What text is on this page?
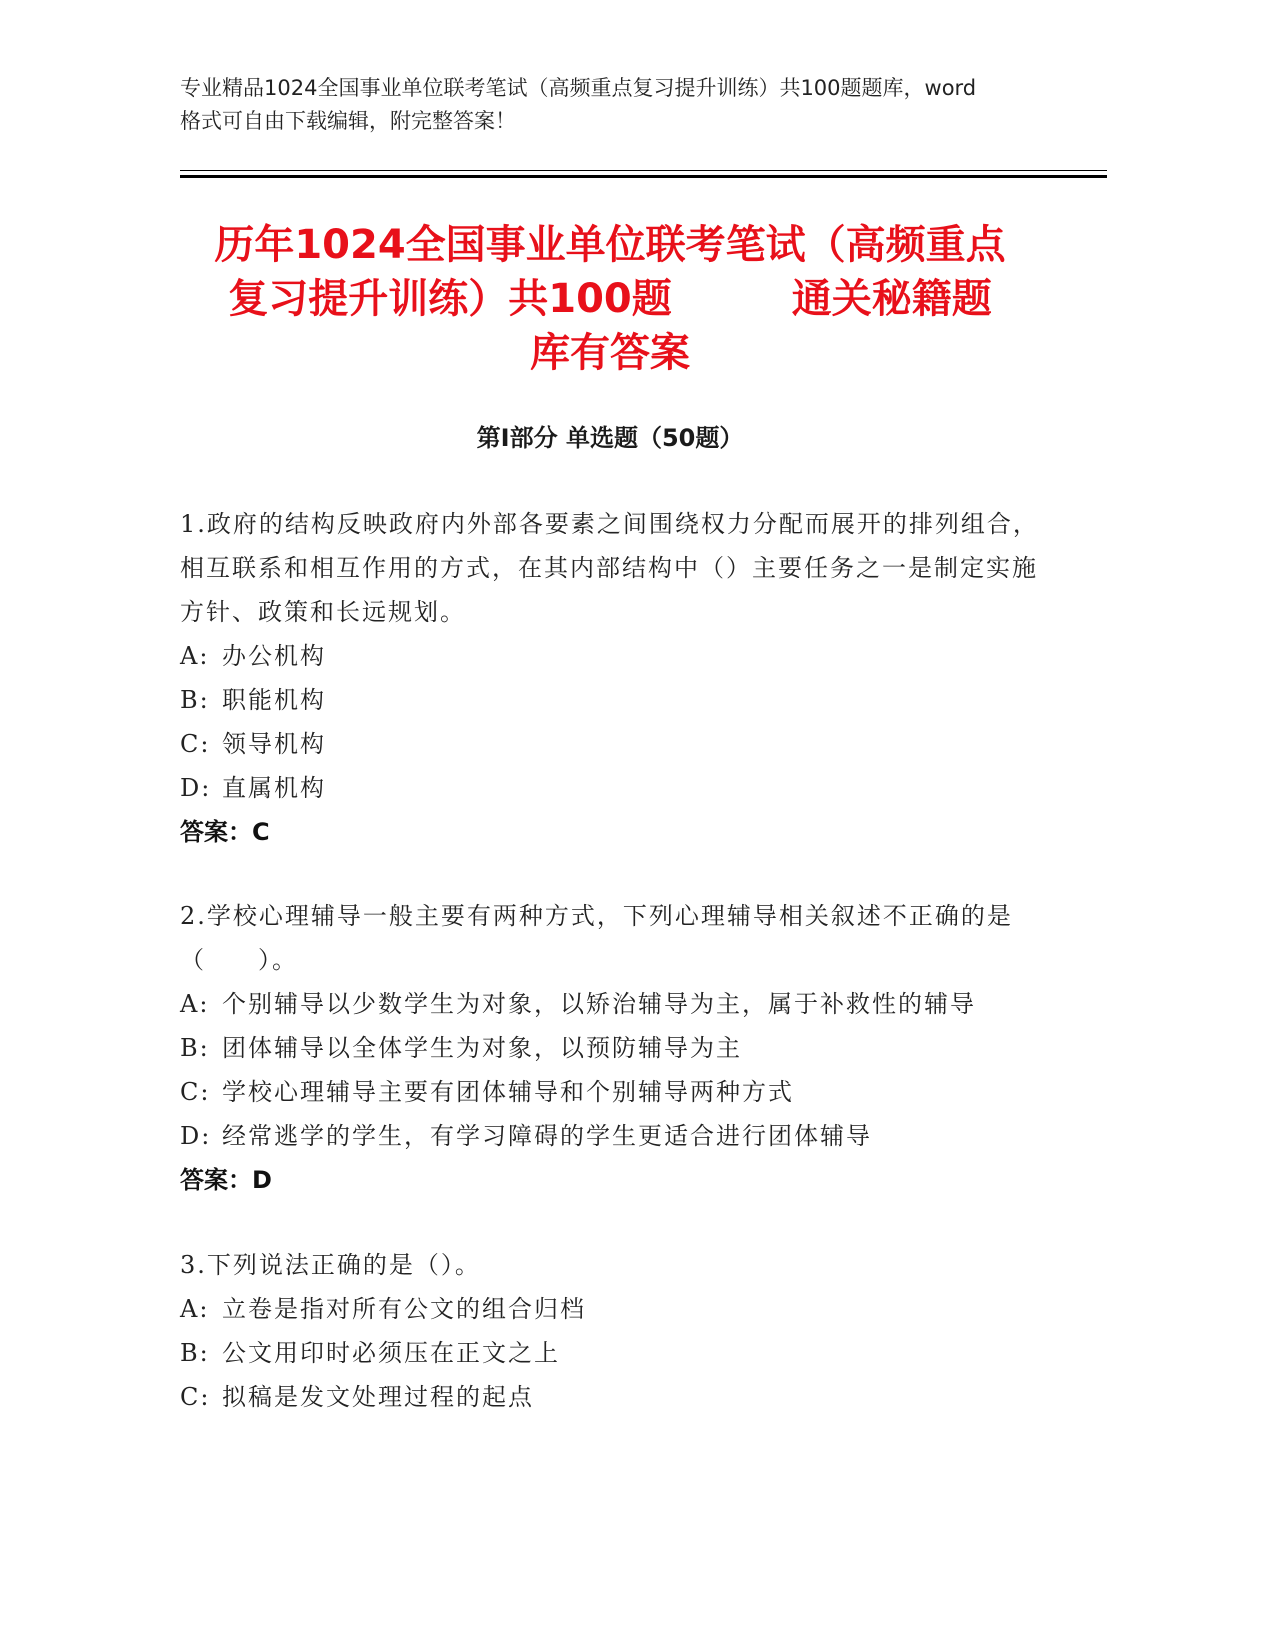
专业精品1024全国事业单位联考笔试（高频重点复习提升训练）共100题题库，word格式可自由下载编辑，附完整答案！
历年1024全国事业单位联考笔试（高频重点
复习提升训练）共100题　　　通关秘籍题
库有答案
第Ⅰ部分 单选题（50题）

1.政府的结构反映政府内外部各要素之间围绕权力分配而展开的排列组合，相互联系和相互作用的方式，在其内部结构中（）主要任务之一是制定实施方针、政策和长远规划。

A: 办公机构

B: 职能机构

C: 领导机构

D: 直属机构

答案：C

2.学校心理辅导一般主要有两种方式，下列心理辅导相关叙述不正确的是（　　）。

A: 个别辅导以少数学生为对象，以矫治辅导为主，属于补救性的辅导

B: 团体辅导以全体学生为对象，以预防辅导为主

C: 学校心理辅导主要有团体辅导和个别辅导两种方式

D: 经常逃学的学生，有学习障碍的学生更适合进行团体辅导

答案：D

3.下列说法正确的是（）。

A: 立卷是指对所有公文的组合归档

B: 公文用印时必须压在正文之上

C: 拟稿是发文处理过程的起点
